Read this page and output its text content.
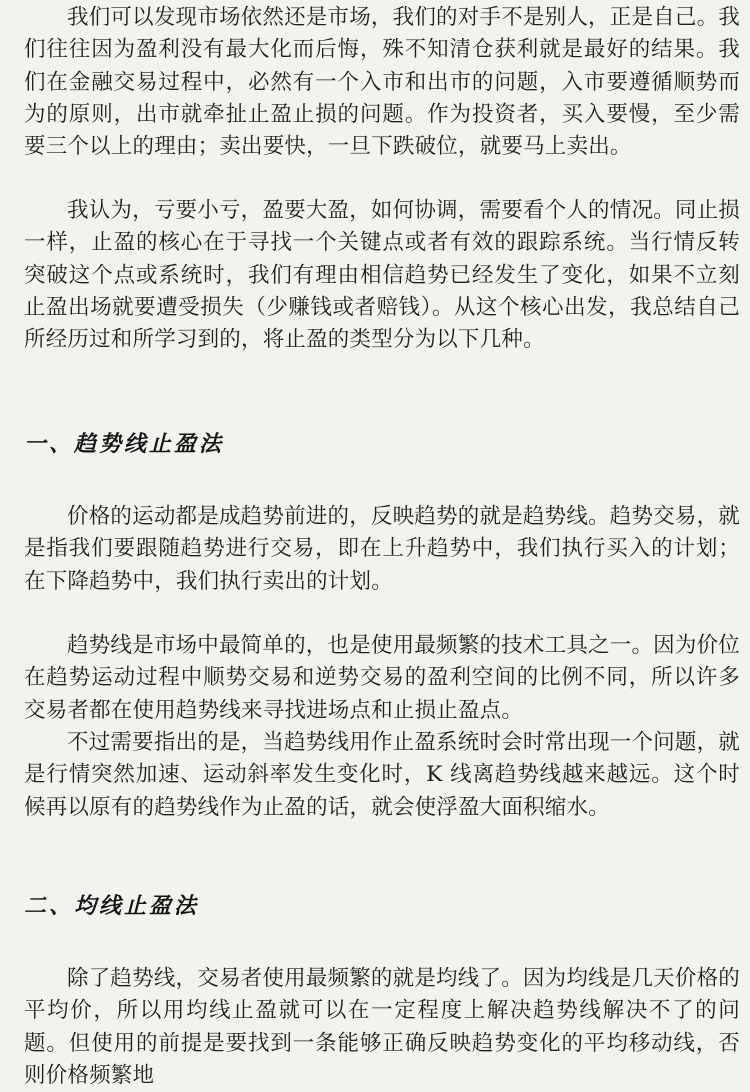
我们可以发现市场依然还是市场，我们的对手不是别人，正是自己。我们往往因为盈利没有最大化而后悔，殊不知清仓获利就是最好的结果。我们在金融交易过程中，必然有一个入市和出市的问题，入市要遵循顺势而为的原则，出市就牵扯止盈止损的问题。作为投资者，买入要慢，至少需要三个以上的理由；卖出要快，一旦下跌破位，就要马上卖出。

我认为，亏要小亏，盈要大盈，如何协调，需要看个人的情况。同止损一样，止盈的核心在于寻找一个关键点或者有效的跟踪系统。当行情反转突破这个点或系统时，我们有理由相信趋势已经发生了变化，如果不立刻止盈出场就要遭受损失（少赚钱或者赔钱）。从这个核心出发，我总结自己所经历过和所学习到的，将止盈的类型分为以下几种。

一、趋势线止盈法

价格的运动都是成趋势前进的，反映趋势的就是趋势线。趋势交易，就是指我们要跟随趋势进行交易，即在上升趋势中，我们执行买入的计划；在下降趋势中，我们执行卖出的计划。

趋势线是市场中最简单的，也是使用最频繁的技术工具之一。因为价位在趋势运动过程中顺势交易和逆势交易的盈利空间的比例不同，所以许多交易者都在使用趋势线来寻找进场点和止损止盈点。

不过需要指出的是，当趋势线用作止盈系统时会时常出现一个问题，就是行情突然加速、运动斜率发生变化时，K 线离趋势线越来越远。这个时候再以原有的趋势线作为止盈的话，就会使浮盈大面积缩水。

二、均线止盈法

除了趋势线，交易者使用最频繁的就是均线了。因为均线是几天价格的平均价，所以用均线止盈就可以在一定程度上解决趋势线解决不了的问题。但使用的前提是要找到一条能够正确反映趋势变化的平均移动线，否则价格频繁地
